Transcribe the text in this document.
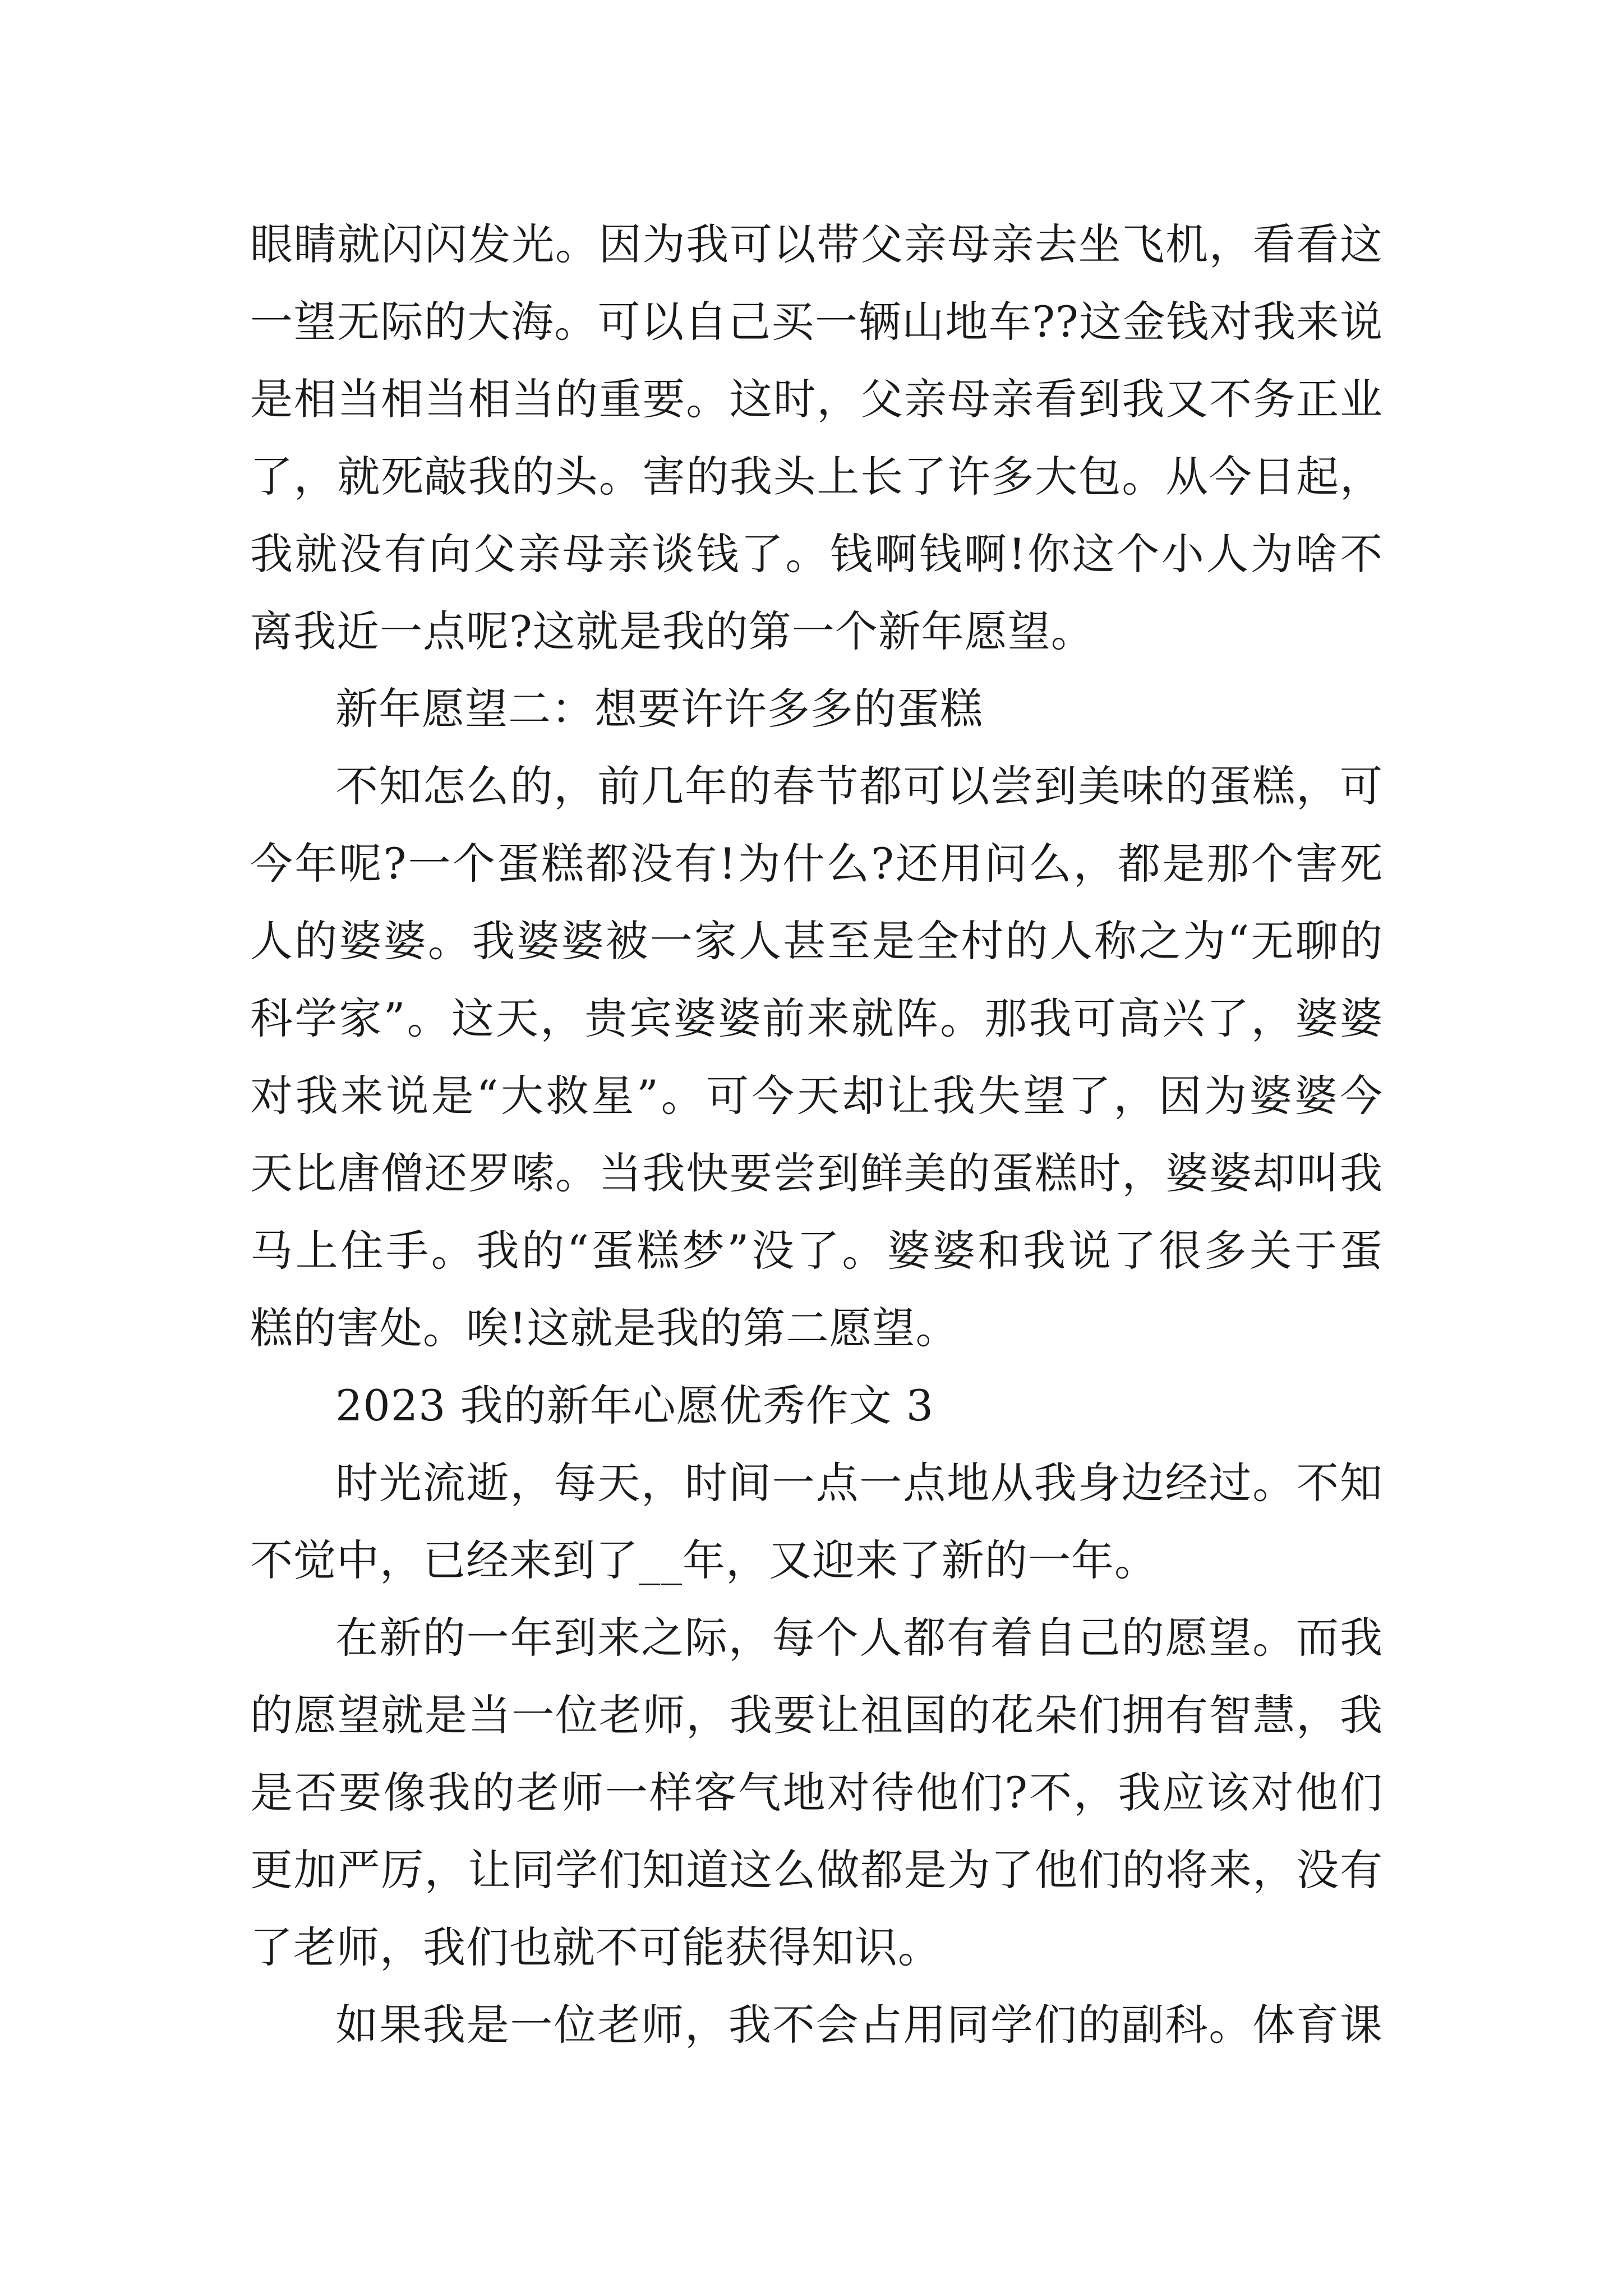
眼睛就闪闪发光。因为我可以带父亲母亲去坐飞机，看看这
一望无际的大海。可以自己买一辆山地车??这金钱对我来说
是相当相当相当的重要。这时，父亲母亲看到我又不务正业
了，就死敲我的头。害的我头上长了许多大包。从今日起，
我就没有向父亲母亲谈钱了。钱啊钱啊!你这个小人为啥不
离我近一点呢?这就是我的第一个新年愿望。
新年愿望二：想要许许多多的蛋糕
不知怎么的，前几年的春节都可以尝到美味的蛋糕，可
今年呢?一个蛋糕都没有!为什么?还用问么，都是那个害死
人的婆婆。我婆婆被一家人甚至是全村的人称之为“无聊的
科学家”。这天，贵宾婆婆前来就阵。那我可高兴了，婆婆
对我来说是“大救星”。可今天却让我失望了，因为婆婆今
天比唐僧还罗嗦。当我快要尝到鲜美的蛋糕时，婆婆却叫我
马上住手。我的“蛋糕梦”没了。婆婆和我说了很多关于蛋
糕的害处。唉!这就是我的第二愿望。
2023 我的新年心愿优秀作文 3
时光流逝，每天，时间一点一点地从我身边经过。不知
不觉中，已经来到了__年，又迎来了新的一年。
在新的一年到来之际，每个人都有着自己的愿望。而我
的愿望就是当一位老师，我要让祖国的花朵们拥有智慧，我
是否要像我的老师一样客气地对待他们?不，我应该对他们
更加严厉，让同学们知道这么做都是为了他们的将来，没有
了老师，我们也就不可能获得知识。
如果我是一位老师，我不会占用同学们的副科。体育课
